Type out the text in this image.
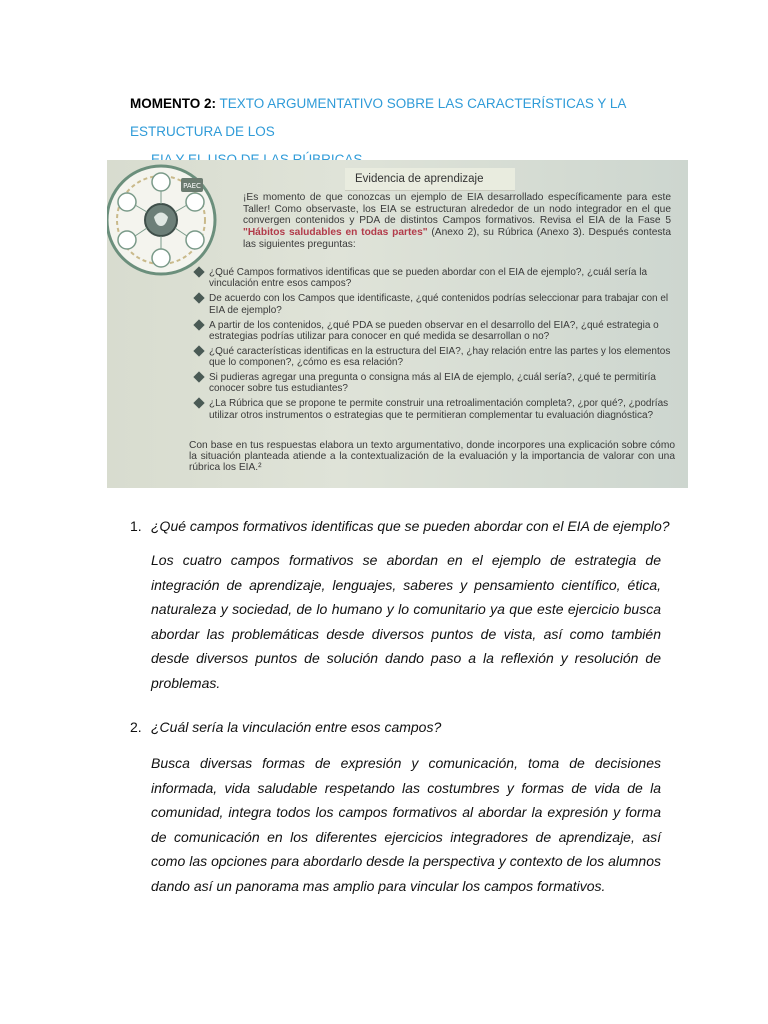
MOMENTO 2: TEXTO ARGUMENTATIVO SOBRE LAS CARACTERÍSTICAS Y LA ESTRUCTURA DE LOS
PAEC
Evidencia de aprendizaje
¡Es momento de que conozcas un ejemplo de EIA desarrollado específicamente para este Taller! Como observaste, los EIA se estructuran alrededor de un nodo integrador en el que convergen contenidos y PDA de distintos Campos formativos. Revisa el EIA de la Fase 5 "Hábitos saludables en todas partes" (Anexo 2), su Rúbrica (Anexo 3). Después contesta las siguientes preguntas:
¿Qué Campos formativos identificas que se pueden abordar con el EIA de ejemplo?, ¿cuál sería la vinculación entre esos campos?
De acuerdo con los Campos que identificaste, ¿qué contenidos podrías seleccionar para trabajar con el EIA de ejemplo?
A partir de los contenidos, ¿qué PDA se pueden observar en el desarrollo del EIA?, ¿qué estrategia o estrategias podrías utilizar para conocer en qué medida se desarrollan o no?
¿Qué características identificas en la estructura del EIA?, ¿hay relación entre las partes y los elementos que lo componen?, ¿cómo es esa relación?
Si pudieras agregar una pregunta o consigna más al EIA de ejemplo, ¿cuál sería?, ¿qué te permitiría conocer sobre tus estudiantes?
¿La Rúbrica que se propone te permite construir una retroalimentación completa?, ¿por qué?, ¿podrías utilizar otros instrumentos o estrategias que te permitieran complementar tu evaluación diagnóstica?
Con base en tus respuestas elabora un texto argumentativo, donde incorpores una explicación sobre cómo la situación planteada atiende a la contextualización de la evaluación y la importancia de valorar con una rúbrica los EIA.²
1. ¿Qué campos formativos identificas que se pueden abordar con el EIA de ejemplo?
Los cuatro campos formativos se abordan en el ejemplo de estrategia de integración de aprendizaje, lenguajes, saberes y pensamiento científico, ética, naturaleza y sociedad, de lo humano y lo comunitario ya que este ejercicio busca abordar las problemáticas desde diversos puntos de vista, así como también desde diversos puntos de solución dando paso a la reflexión y resolución de problemas.
2. ¿Cuál sería la vinculación entre esos campos?
Busca diversas formas de expresión y comunicación, toma de decisiones informada, vida saludable respetando las costumbres y formas de vida de la comunidad, integra todos los campos formativos al abordar la expresión y forma de comunicación en los diferentes ejercicios integradores de aprendizaje, así como las opciones para abordarlo desde la perspectiva y contexto de los alumnos dando así un panorama mas amplio para vincular los campos formativos.
